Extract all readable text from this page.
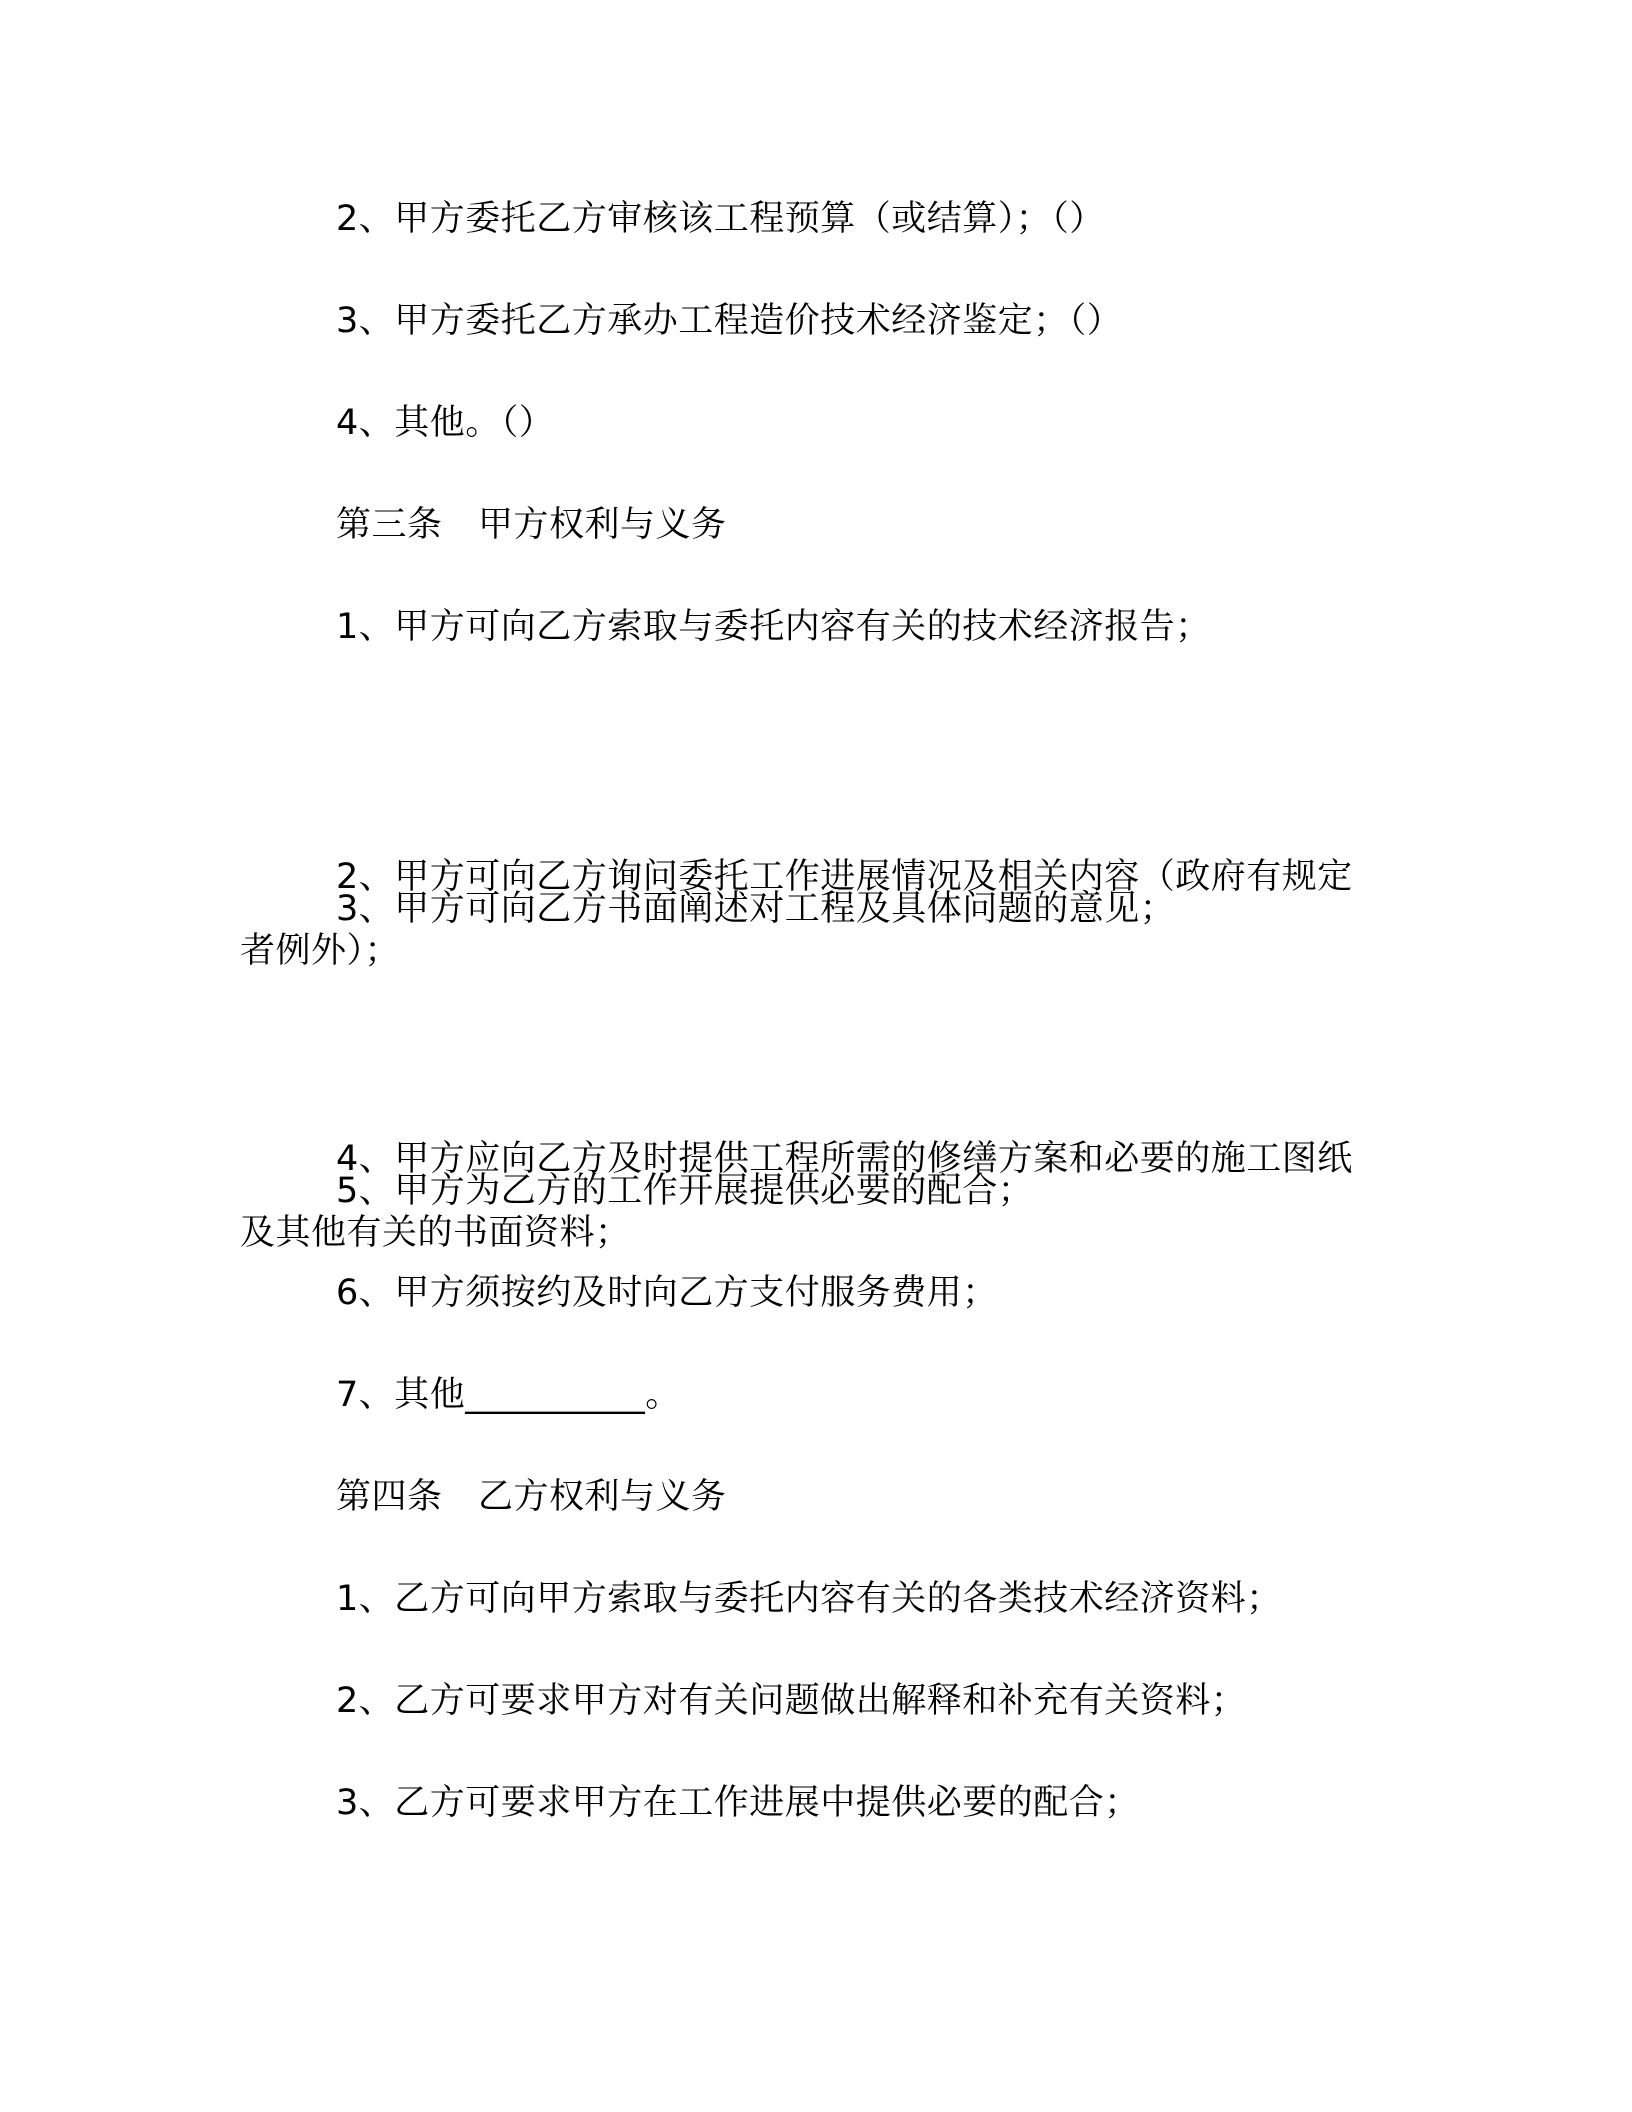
2、甲方委托乙方审核该工程预算（或结算）；（）
3、甲方委托乙方承办工程造价技术经济鉴定；（）
4、其他。（）
第三条　甲方权利与义务
1、甲方可向乙方索取与委托内容有关的技术经济报告；

2、甲方可向乙方询问委托工作进展情况及相关内容（政府有规定者例外）；

3、甲方可向乙方书面阐述对工程及具体问题的意见；

4、甲方应向乙方及时提供工程所需的修缮方案和必要的施工图纸及其他有关的书面资料；

5、甲方为乙方的工作开展提供必要的配合；
6、甲方须按约及时向乙方支付服务费用；
7、其他__________。
第四条　乙方权利与义务
1、乙方可向甲方索取与委托内容有关的各类技术经济资料；
2、乙方可要求甲方对有关问题做出解释和补充有关资料；
3、乙方可要求甲方在工作进展中提供必要的配合；
